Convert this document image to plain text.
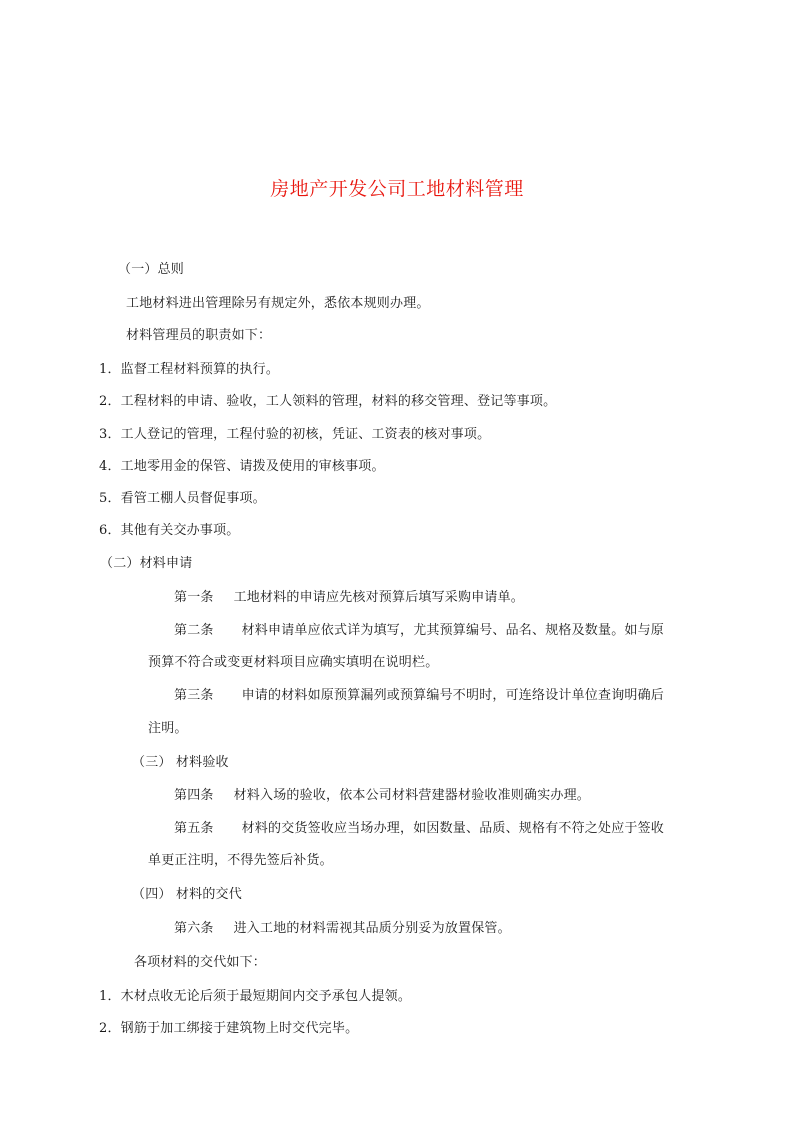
房地产开发公司工地材料管理
（一）总则
工地材料进出管理除另有规定外，悉依本规则办理。
材料管理员的职责如下：
1．监督工程材料预算的执行。
2．工程材料的申请、验收，工人领料的管理，材料的移交管理、登记等事项。
3．工人登记的管理，工程付验的初核，凭证、工资表的核对事项。
4．工地零用金的保管、请拨及使用的审核事项。
5．看管工棚人员督促事项。
6．其他有关交办事项。
（二）材料申请
第一条 工地材料的申请应先核对预算后填写采购申请单。
第二条 材料申请单应依式详为填写，尤其预算编号、品名、规格及数量。如与原
预算不符合或变更材料项目应确实填明在说明栏。
第三条 申请的材料如原预算漏列或预算编号不明时，可连络设计单位查询明确后
注明。
（三） 材料验收
第四条 材料入场的验收，依本公司材料营建器材验收准则确实办理。
第五条 材料的交货签收应当场办理，如因数量、品质、规格有不符之处应于签收
单更正注明，不得先签后补货。
（四） 材料的交代
第六条 进入工地的材料需视其品质分别妥为放置保管。
各项材料的交代如下：
1．木材点收无论后须于最短期间内交予承包人提领。
2．钢筋于加工绑接于建筑物上时交代完毕。
